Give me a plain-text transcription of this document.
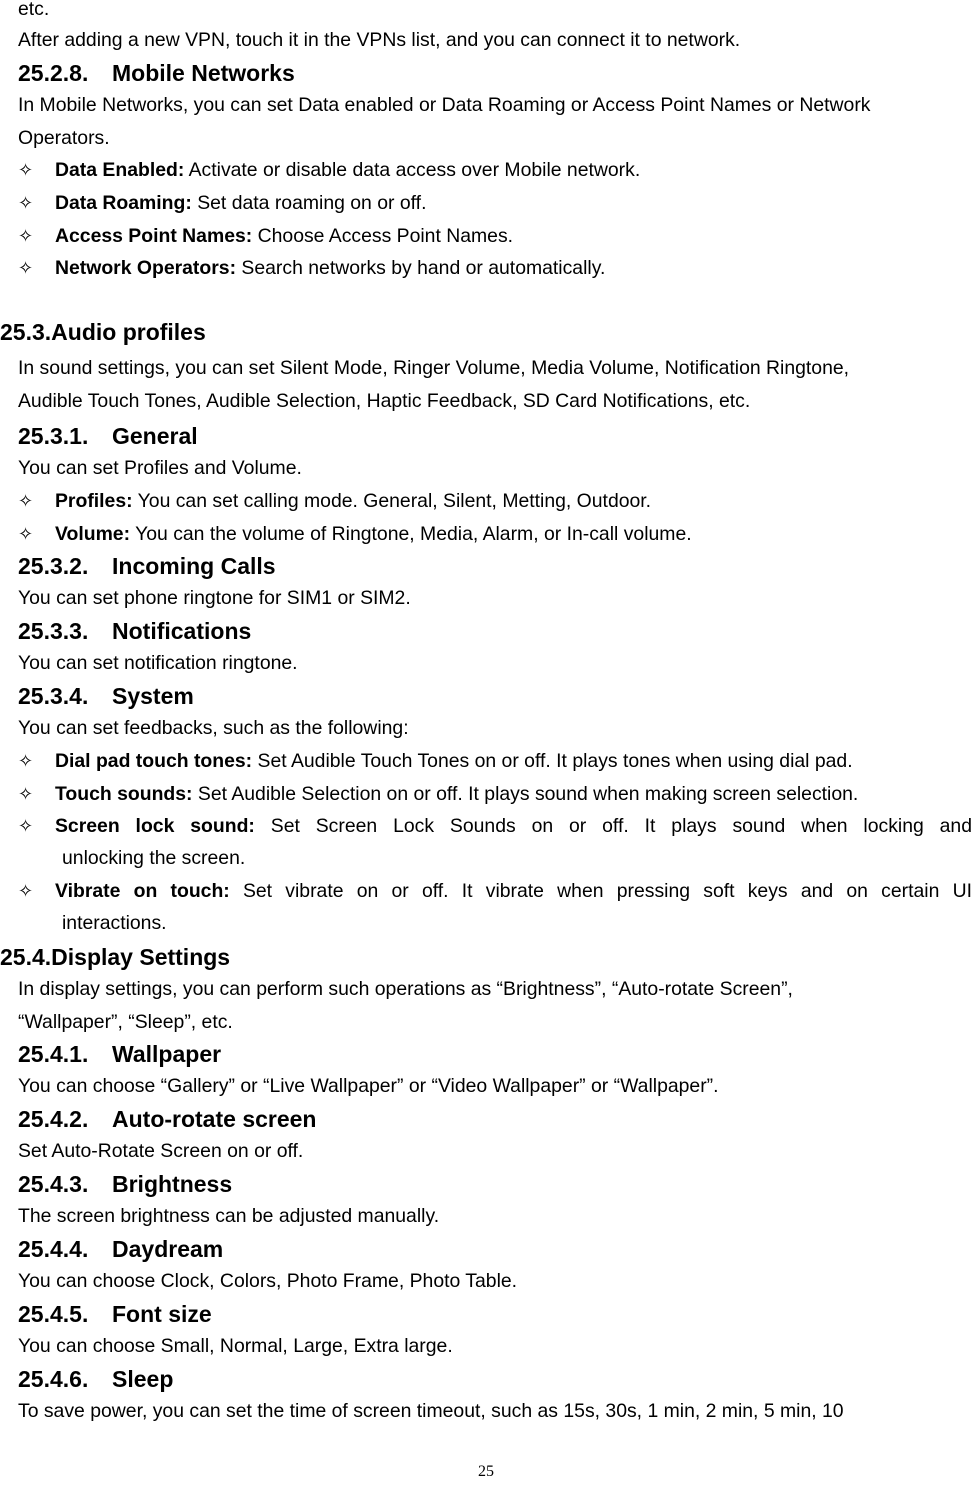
etc.
After adding a new VPN, touch it in the VPNs list, and you can connect it to network.
25.2.8. Mobile Networks
In Mobile Networks, you can set Data enabled or Data Roaming or Access Point Names or Network
Operators.
✧ Data Enabled: Activate or disable data access over Mobile network.
✧ Data Roaming: Set data roaming on or off.
✧ Access Point Names: Choose Access Point Names.
✧ Network Operators: Search networks by hand or automatically.
25.3.Audio profiles
In sound settings, you can set Silent Mode, Ringer Volume, Media Volume, Notification Ringtone,
Audible Touch Tones, Audible Selection, Haptic Feedback, SD Card Notifications, etc.
25.3.1. General
You can set Profiles and Volume.
✧ Profiles: You can set calling mode. General, Silent, Metting, Outdoor.
✧ Volume: You can the volume of Ringtone, Media, Alarm, or In-call volume.
25.3.2. Incoming Calls
You can set phone ringtone for SIM1 or SIM2.
25.3.3. Notifications
You can set notification ringtone.
25.3.4. System
You can set feedbacks, such as the following:
✧ Dial pad touch tones: Set Audible Touch Tones on or off. It plays tones when using dial pad.
✧ Touch sounds: Set Audible Selection on or off. It plays sound when making screen selection.
✧ Screen lock sound: Set Screen Lock Sounds on or off. It plays sound when locking and
unlocking the screen.
✧ Vibrate on touch: Set vibrate on or off. It vibrate when pressing soft keys and on certain UI
interactions.
25.4.Display Settings
In display settings, you can perform such operations as “Brightness”, “Auto-rotate Screen”,
“Wallpaper”, “Sleep”, etc.
25.4.1. Wallpaper
You can choose “Gallery” or “Live Wallpaper” or “Video Wallpaper” or “Wallpaper”.
25.4.2. Auto-rotate screen
Set Auto-Rotate Screen on or off.
25.4.3. Brightness
The screen brightness can be adjusted manually.
25.4.4. Daydream
You can choose Clock, Colors, Photo Frame, Photo Table.
25.4.5. Font size
You can choose Small, Normal, Large, Extra large.
25.4.6. Sleep
To save power, you can set the time of screen timeout, such as 15s, 30s, 1 min, 2 min, 5 min, 10
25
